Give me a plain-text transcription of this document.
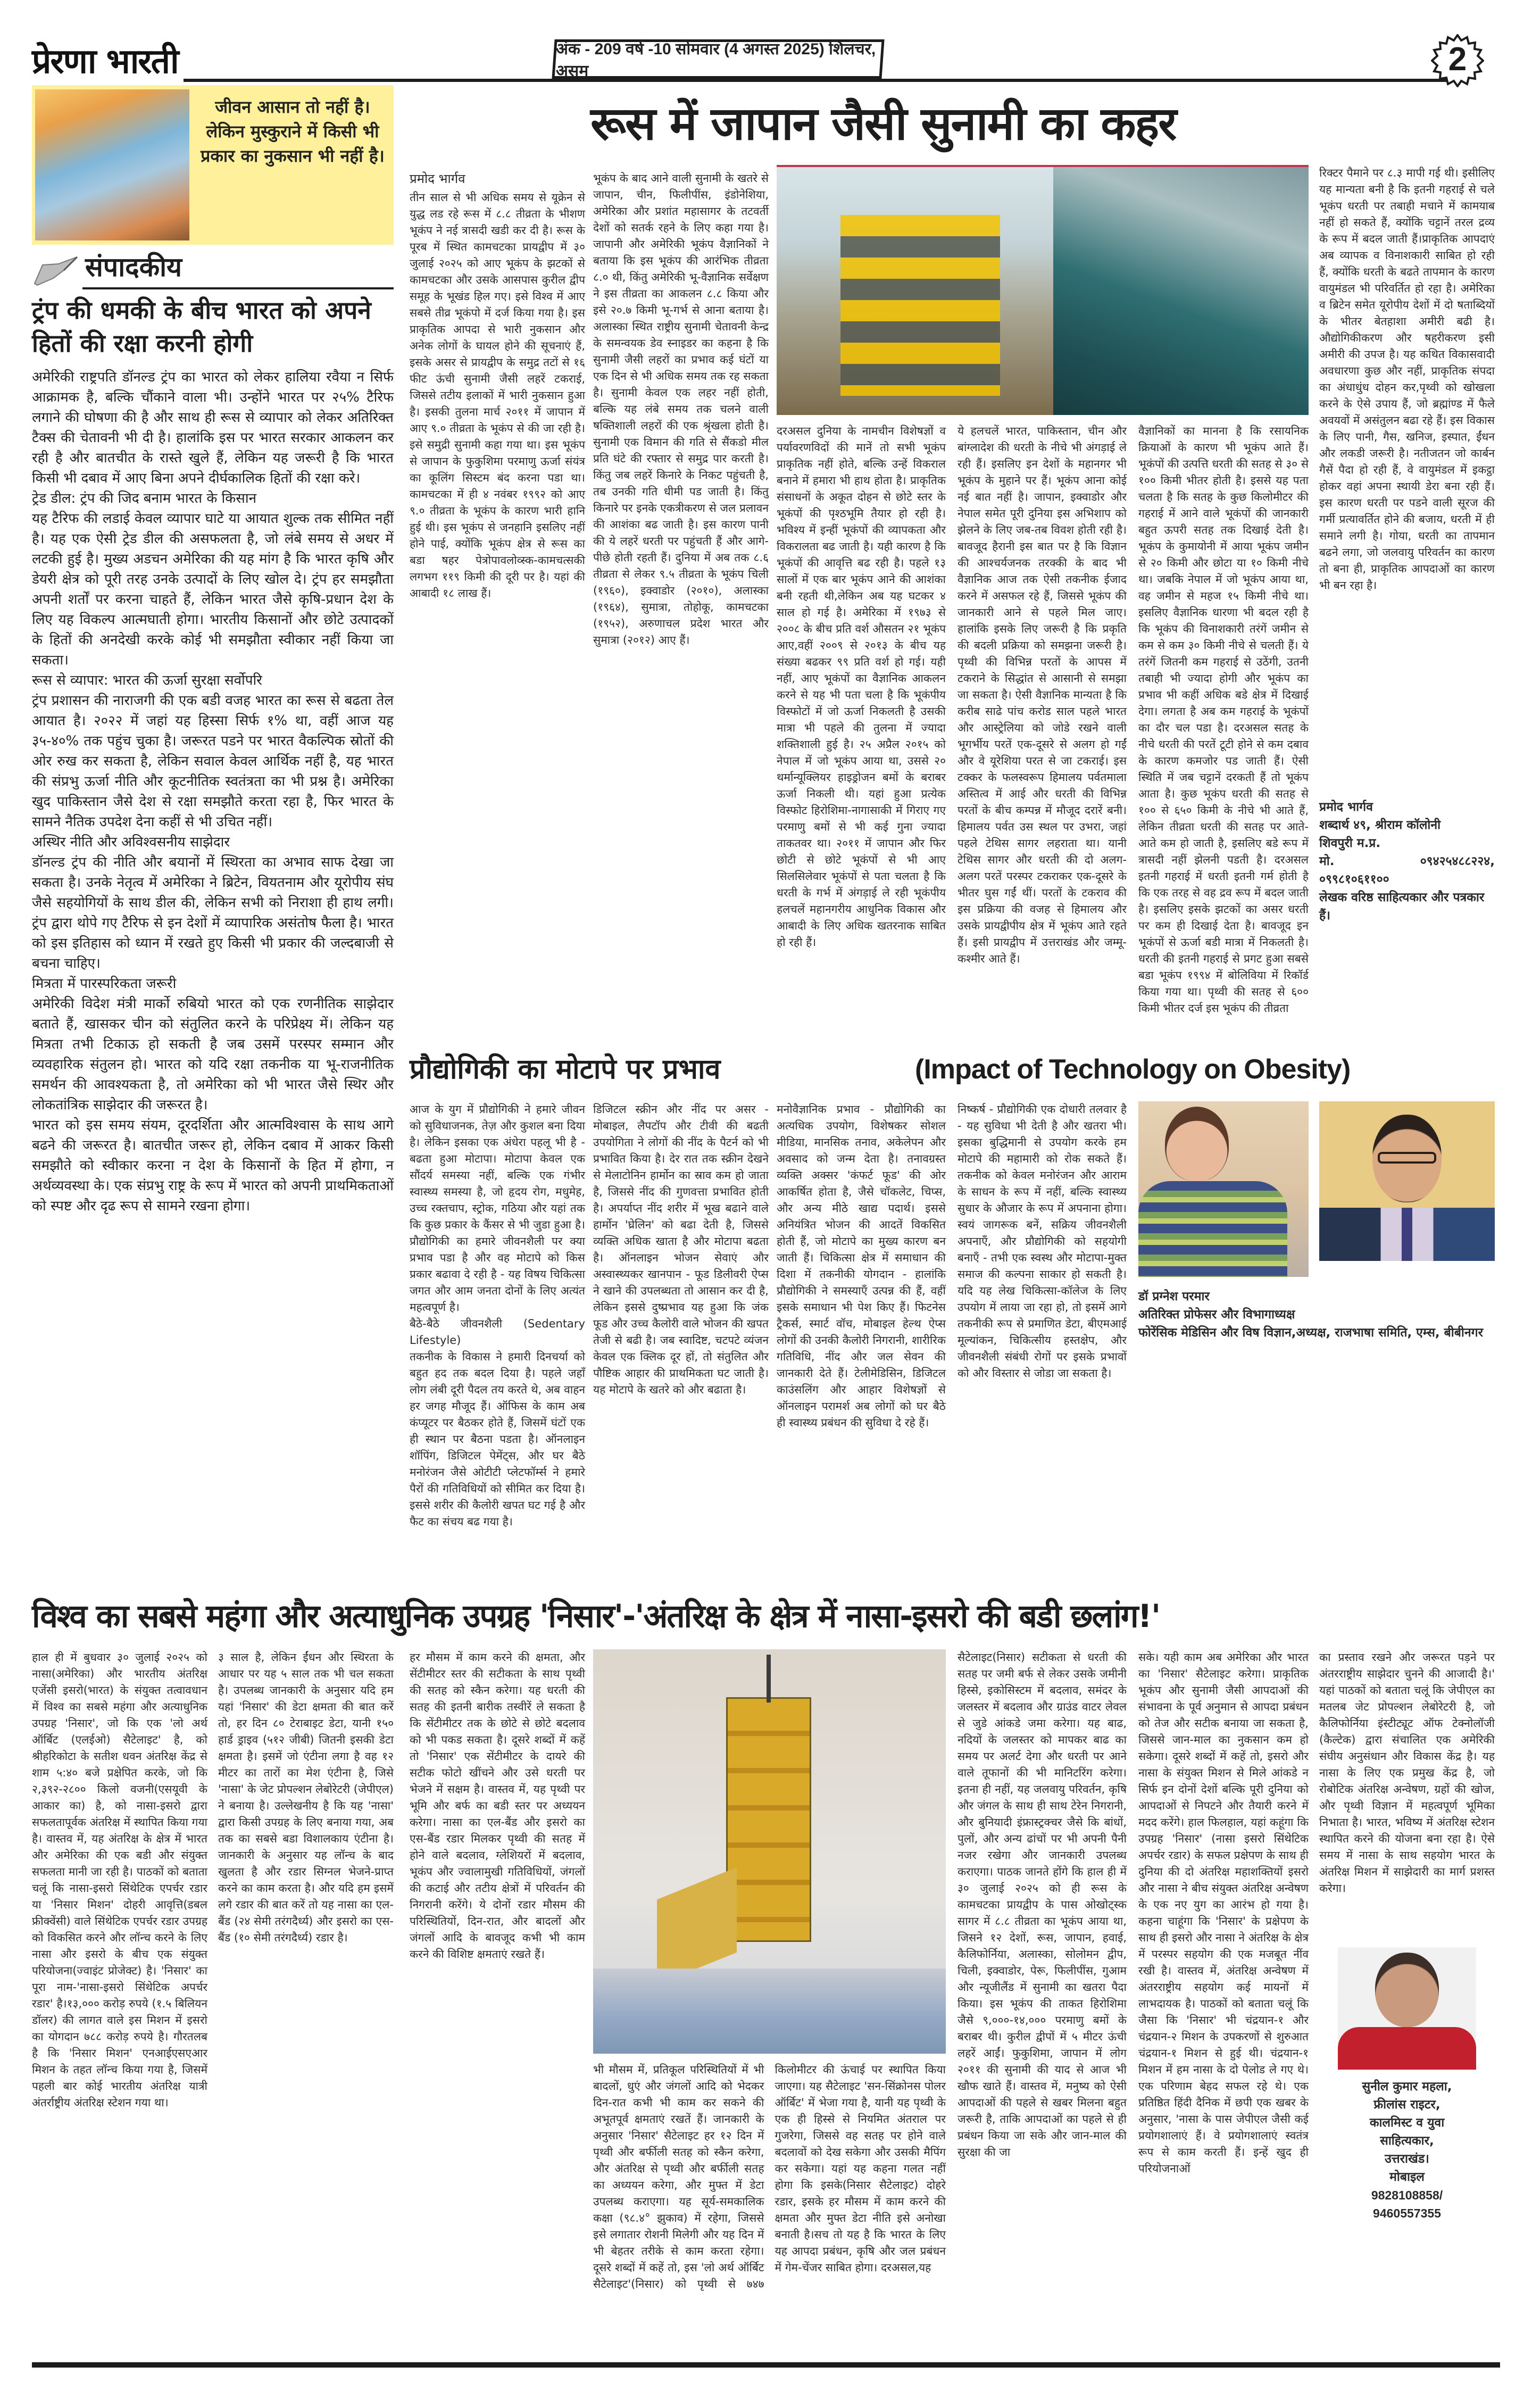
प्रेरणा भारती	अंक - 209 वर्ष -10 सोमवार (4 अगस्त 2025) शिलचर, असम	2
जीवन आसान तो नहीं है। लेकिन मुस्कुराने में किसी भी प्रकार का नुकसान भी नहीं है।
संपादकीय
ट्रंप की धमकी के बीच भारत को अपने हितों की रक्षा करनी होगी

अमेरिकी राष्ट्रपति डॉनल्ड ट्रंप का भारत को लेकर हालिया रवैया न सिर्फ आक्रामक है, बल्कि चौंकाने वाला भी। उन्होंने भारत पर २५% टैरिफ लगाने की घोषणा की है और साथ ही रूस से व्यापार को लेकर अतिरिक्त टैक्स की चेतावनी भी दी है। हालांकि इस पर भारत सरकार आकलन कर रही है और बातचीत के रास्ते खुले हैं, लेकिन यह जरूरी है कि भारत किसी भी दबाव में आए बिना अपने दीर्घकालिक हितों की रक्षा करे।

ट्रेड डील: ट्रंप की जिद बनाम भारत के किसान

यह टैरिफ की लडाई केवल व्यापार घाटे या आयात शुल्क तक सीमित नहीं है। यह एक ऐसी ट्रेड डील की असफलता है, जो लंबे समय से अधर में लटकी हुई है। मुख्य अडचन अमेरिका की यह मांग है कि भारत कृषि और डेयरी क्षेत्र को पूरी तरह उनके उत्पादों के लिए खोल दे। ट्रंप हर समझौता अपनी शर्तों पर करना चाहते हैं, लेकिन भारत जैसे कृषि-प्रधान देश के लिए यह विकल्प आत्मघाती होगा। भारतीय किसानों और छोटे उत्पादकों के हितों की अनदेखी करके कोई भी समझौता स्वीकार नहीं किया जा सकता।

रूस से व्यापार: भारत की ऊर्जा सुरक्षा सर्वोपरि

ट्रंप प्रशासन की नाराजगी की एक बडी वजह भारत का रूस से बढता तेल आयात है। २०२२ में जहां यह हिस्सा सिर्फ १% था, वहीं आज यह ३५-४०% तक पहुंच चुका है। जरूरत पडने पर भारत वैकल्पिक स्रोतों की ओर रुख कर सकता है, लेकिन सवाल केवल आर्थिक नहीं है, यह भारत की संप्रभु ऊर्जा नीति और कूटनीतिक स्वतंत्रता का भी प्रश्न है। अमेरिका खुद पाकिस्तान जैसे देश से रक्षा समझौते करता रहा है, फिर भारत के सामने नैतिक उपदेश देना कहीं से भी उचित नहीं।

अस्थिर नीति और अविश्वसनीय साझेदार

डॉनल्ड ट्रंप की नीति और बयानों में स्थिरता का अभाव साफ देखा जा सकता है। उनके नेतृत्व में अमेरिका ने ब्रिटेन, वियतनाम और यूरोपीय संघ जैसे सहयोगियों के साथ डील की, लेकिन सभी को निराशा ही हाथ लगी। ट्रंप द्वारा थोपे गए टैरिफ से इन देशों में व्यापारिक असंतोष फैला है। भारत को इस इतिहास को ध्यान में रखते हुए किसी भी प्रकार की जल्दबाजी से बचना चाहिए।

मित्रता में पारस्परिकता जरूरी

अमेरिकी विदेश मंत्री मार्को रुबियो भारत को एक रणनीतिक साझेदार बताते हैं, खासकर चीन को संतुलित करने के परिप्रेक्ष्य में। लेकिन यह मित्रता तभी टिकाऊ हो सकती है जब उसमें परस्पर सम्मान और व्यवहारिक संतुलन हो। भारत को यदि रक्षा तकनीक या भू-राजनीतिक समर्थन की आवश्यकता है, तो अमेरिका को भी भारत जैसे स्थिर और लोकतांत्रिक साझेदार की जरूरत है।

भारत को इस समय संयम, दूरदर्शिता और आत्मविश्वास के साथ आगे बढने की जरूरत है। बातचीत जरूर हो, लेकिन दबाव में आकर किसी समझौते को स्वीकार करना न देश के किसानों के हित में होगा, न अर्थव्यवस्था के। एक संप्रभु राष्ट्र के रूप में भारत को अपनी प्राथमिकताओं को स्पष्ट और दृढ रूप से सामने रखना होगा।

रूस में जापान जैसी सुनामी का कहर
प्रमोद भार्गव
तीन साल से भी अधिक समय से यूक्रेन से युद्ध लड रहे रूस में ८.८ तीव्रता के भीशण भूकंप ने नई त्रासदी खडी कर दी है। रूस के पूरब में स्थित कामचटका प्रायद्वीप में ३० जुलाई २०२५ को आए भूकंप के झटकों से कामचटका और उसके आसपास कुरील द्वीप समूह के भूखंड हिल गए। इसे विश्व में आए सबसे तीव्र भूकंपो में दर्ज किया गया है। इस प्राकृतिक आपदा से भारी नुकसान और अनेक लोगों के घायल होने की सूचनाएं हैं, इसके असर से प्रायद्वीप के समुद्र तटों से १६ फीट ऊंची सुनामी जैसी लहरें टकराई, जिससे तटीय इलाकों में भारी नुकसान हुआ है। इसकी तुलना मार्च २०११ में जापान में आए ९.० तीव्रता के भूकंप से की जा रही है। इसे समुद्री सुनामी कहा गया था। इस भूकंप से जापान के फुकुशिमा परमाणु ऊर्जा संयंत्र का कूलिंग सिस्टम बंद करना पडा था। कामचटका में ही ४ नवंबर १९९२ को आए ९.० तीव्रता के भूकंप के कारण भारी हानि हुई थी। इस भूकंप से जनहानि इसलिए नहीं होने पाई, क्योंकि भूकंप क्षेत्र से रूस का बडा षहर पेत्रोपावलोव्स्क-कामचत्सकी लगभग ११९ किमी की दूरी पर है। यहां की आबादी १८ लाख हैं।
भूकंप के बाद आने वाली सुनामी के खतरे से जापान, चीन, फिलीपींस, इंडोनेशिया, अमेरिका और प्रशांत महासागर के तटवर्ती देशों को सतर्क रहने के लिए कहा गया है। जापानी और अमेरिकी भूकंप वैज्ञानिकों ने बताया कि इस भूकंप की आरंभिक तीव्रता ८.० थी, किंतु अमेरिकी भू-वैज्ञानिक सर्वेक्षण ने इस तीव्रता का आकलन ८.८ किया और इसे २०.७ किमी भू-गर्भ से आना बताया है। अलास्का स्थित राष्ट्रीय सुनामी चेतावनी केन्द्र के समन्वयक डेव स्नाइडर का कहना है कि सुनामी जैसी लहरों का प्रभाव कई घंटों या एक दिन से भी अधिक समय तक रह सकता है। सुनामी केवल एक लहर नहीं होती, बल्कि यह लंबे समय तक चलने वाली षक्तिशाली लहरों की एक श्रृंखला होती है। सुनामी एक विमान की गति से सैंकडो मील प्रति घंटे की रफ्तार से समुद्र पार करती है। किंतु जब लहरें किनारे के निकट पहुंचती है, तब उनकी गति धीमी पड जाती है। किंतु किनारे पर इनके एकत्रीकरण से जल प्रलावन की आशंका बढ जाती है। इस कारण पानी की ये लहरें धरती पर पहुंचती हैं और आगे- पीछे होती रहती हैं। दुनिया में अब तक ८.६ तीव्रता से लेकर ९.५ तीव्रता के भूकंप चिली (१९६०), इक्वाडोर (२०१०), अलास्का (१९६४), सुमात्रा, तोहोकू, कामचटका (१९५२), अरुणाचल प्रदेश भारत और सुमात्रा (२०१२) आए हैं।
दरअसल दुनिया के नामचीन विशेषज्ञों व पर्यावरणविदों की मानें तो सभी भूकंप प्राकृतिक नहीं होते, बल्कि उन्हें विकराल बनाने में हमारा भी हाथ होता है। प्राकृतिक संसाधनों के अकूत दोहन से छोटे स्तर के भूकंपों की पृश्ठभूमि तैयार हो रही है। भविश्य में इन्हीं भूकंपों की व्यापकता और विकरालता बढ जाती है। यही कारण है कि भूकंपों की आवृत्ति बढ रही है। पहले १३ सालों में एक बार भूकंप आने की आशंका बनी रहती थी,लेकिन अब यह घटकर ४ साल हो गई है। अमेरिका में १९७३ से २००८ के बीच प्रति वर्श औसतन २१ भूकंप आए,वहीं २००९ से २०१३ के बीच यह संख्या बढकर ९९ प्रति वर्श हो गई। यही नहीं, आए भूकंपों का वैज्ञानिक आकलन करने से यह भी पता चला है कि भूकंपीय विस्फोटों में जो ऊर्जा निकलती है उसकी मात्रा भी पहले की तुलना में ज्यादा शक्तिशाली हुई है। २५ अप्रैल २०१५ को नेपाल में जो भूकंप आया था, उससे २० थर्मान्यूक्लियर हाइड्रोजन बमों के बराबर ऊर्जा निकली थी। यहां हुआ प्रत्येक विस्फोट हिरोशिमा-नागासाकी में गिराए गए परमाणु बमों से भी कई गुना ज्यादा ताकतवर था। २०११ में जापान और फिर छोटी से छोटे भूकंपों से भी आए सिलसिलेवार भूकंपों से पता चलता है कि धरती के गर्भ में अंगड़ाई ले रही भूकंपीय हलचलें महानगरीय आधुनिक विकास और आबादी के लिए अधिक खतरनाक साबित हो रही हैं।
ये हलचलें भारत, पाकिस्तान, चीन और बांग्लादेश की धरती के नीचे भी अंगड़ाई ले रही हैं। इसलिए इन देशों के महानगर भी भूकंप के मुहाने पर हैं। भूकंप आना कोई नई बात नहीं है। जापान, इक्वाडोर और नेपाल समेत पूरी दुनिया इस अभिशाप को झेलने के लिए जब-तब विवश होती रही है। बावजूद हैरानी इस बात पर है कि विज्ञान की आश्चर्यजनक तरक्की के बाद भी वैज्ञानिक आज तक ऐसी तकनीक ईजाद करने में असफल रहे हैं, जिससे भूकंप की जानकारी आने से पहले मिल जाए। हालांकि इसके लिए जरूरी है कि प्रकृति की बदली प्रक्रिया को समझना जरूरी है। पृथ्वी की विभिन्न परतों के आपस में टकराने के सिद्धांत से आसानी से समझा जा सकता है। ऐसी वैज्ञानिक मान्यता है कि करीब साढे पांच करोड साल पहले भारत और आस्ट्रेलिया को जोडे रखने वाली भूगर्भीय परतें एक-दूसरे से अलग हो गईं और वे यूरेशिया परत से जा टकराई। इस टक्कर के फलस्वरूप हिमालय पर्वतमाला अस्तित्व में आई और धरती की विभिन्न परतों के बीच कम्पन्न में मौजूद दरारें बनी। हिमालय पर्वत उस स्थल पर उभरा, जहां पहले टेथिस सागर लहराता था। यानी टेथिस सागर और धरती की दो अलग-अलग परतें परस्पर टकराकर एक-दूसरे के भीतर घुस गईं थीं। परतों के टकराव की इस प्रक्रिया की वजह से हिमालय और उसके प्रायद्वीपीय क्षेत्र में भूकंप आते रहते हैं। इसी प्रायद्वीप में उत्तराखंड और जम्मू-कश्मीर आते हैं।
वैज्ञानिकों का मानना है कि रसायनिक क्रियाओं के कारण भी भूकंप आते हैं। भूकंपों की उत्पत्ति धरती की सतह से ३० से १०० किमी भीतर होती है। इससे यह पता चलता है कि सतह के कुछ किलोमीटर की गहराई में आने वाले भूकंपों की जानकारी बहुत ऊपरी सतह तक दिखाई देती है। भूकंप के कुमायोनी में आया भूकंप जमीन से २० किमी और छोटा या १० किमी नीचे था। जबकि नेपाल में जो भूकंप आया था, वह जमीन से महज १५ किमी नीचे था। इसलिए वैज्ञानिक धारणा भी बदल रही है कि भूकंप की विनाशकारी तरंगें जमीन से कम से कम ३० किमी नीचे से चलती हैं। ये तरंगें जितनी कम गहराई से उठेंगी, उतनी तबाही भी ज्यादा होगी और भूकंप का प्रभाव भी कहीं अधिक बडे क्षेत्र में दिखाई देगा। लगता है अब कम गहराई के भूकंपों का दौर चल पडा है। दरअसल सतह के नीचे धरती की परतें टूटी होने से कम दबाव के कारण कमजोर पड जाती हैं। ऐसी स्थिति में जब चट्टानें दरकती हैं तो भूकंप आता है। कुछ भूकंप धरती की सतह से १०० से ६५० किमी के नीचे भी आते हैं, लेकिन तीव्रता धरती की सतह पर आते-आते कम हो जाती है, इसलिए बडे रूप में त्रासदी नहीं झेलनी पडती है। दरअसल इतनी गहराई में धरती इतनी गर्म होती है कि एक तरह से वह द्रव रूप में बदल जाती है। इसलिए इसके झटकों का असर धरती पर कम ही दिखाई देता है। बावजूद इन भूकंपों से ऊर्जा बडी मात्रा में निकलती है। धरती की इतनी गहराई से प्रगट हुआ सबसे बडा भूकंप १९९४ में बोलिविया में रिकॉर्ड किया गया था। पृथ्वी की सतह से ६०० किमी भीतर दर्ज इस भूकंप की तीव्रता
रिक्टर पैमाने पर ८.३ मापी गई थी। इसीलिए यह मान्यता बनी है कि इतनी गहराई से चले भूकंप धरती पर तबाही मचाने में कामयाब नहीं हो सकते हैं, क्योंकि चट्टानें तरल द्रव्य के रूप में बदल जाती हैं।प्राकृतिक आपदाएं अब व्यापक व विनाशकारी साबित हो रही हैं, क्योंकि धरती के बढते तापमान के कारण वायुमंडल भी परिवर्तित हो रहा है। अमेरिका व ब्रिटेन समेत यूरोपीय देशों में दो षताब्दियों के भीतर बेतहाशा अमीरी बढी है। औद्योगिकीकरण और षहरीकरण इसी अमीरी की उपज है। यह कथित विकासवादी अवधारणा कुछ और नहीं, प्राकृतिक संपदा का अंधाधुंध दोहन कर,पृथ्वी को खोखला करने के ऐसे उपाय हैं, जो ब्रह्मांण्ड में फैले अवयवों में असंतुलन बढा रहे हैं। इस विकास के लिए पानी, गैस, खनिज, इस्पात, ईंधन और लकडी जरूरी है। नतीजतन जो कार्बन गैसें पैदा हो रही हैं, वे वायुमंडल में इकट्ठा होकर वहां अपना स्थायी डेरा बना रही हैं। इस कारण धरती पर पडने वाली सूरज की गर्मी प्रत्यावर्तित होने की बजाय, धरती में ही समाने लगी है। गोया, धरती का तापमान बढने लगा, जो जलवायु परिवर्तन का कारण तो बना ही, प्राकृतिक आपदाओं का कारण भी बन रहा है।
प्रमोद भार्गव
शब्दार्थ ४९, श्रीराम कॉलोनी
शिवपुरी म.प्र.
मो.	०९४२५४८८२२४,
०९९८१०६११००
लेखक वरिष्ठ साहित्यकार और पत्रकार हैं।
प्रौद्योगिकी का मोटापे पर प्रभाव	(Impact of Technology on Obesity)

आज के युग में प्रौद्योगिकी ने हमारे जीवन को सुविधाजनक, तेज़ और कुशल बना दिया है। लेकिन इसका एक अंधेरा पहलू भी है - बढता हुआ मोटापा। मोटापा केवल एक सौंदर्य समस्या नहीं, बल्कि एक गंभीर स्वास्थ्य समस्या है, जो हृदय रोग, मधुमेह, उच्च रक्तचाप, स्ट्रोक, गठिया और यहां तक कि कुछ प्रकार के कैंसर से भी जुडा हुआ है। प्रौद्योगिकी का हमारे जीवनशैली पर क्या प्रभाव पडा है और वह मोटापे को किस प्रकार बढावा दे रही है - यह विषय चिकित्सा जगत और आम जनता दोनों के लिए अत्यंत महत्वपूर्ण है।

बैठे-बैठे जीवनशैली (Sedentary Lifestyle)

तकनीक के विकास ने हमारी दिनचर्या को बहुत हद तक बदल दिया है। पहले जहाँ लोग लंबी दूरी पैदल तय करते थे, अब वाहन हर जगह मौजूद हैं। ऑफिस के काम अब कंप्यूटर पर बैठकर होते हैं, जिसमें घंटों एक ही स्थान पर बैठना पडता है। ऑनलाइन शॉपिंग, डिजिटल पेमेंट्स, और घर बैठे मनोरंजन जैसे ओटीटी प्लेटफॉर्म्स ने हमारे पैरों की गतिविधियों को सीमित कर दिया है। इससे शरीर की कैलोरी खपत घट गई है और फैट का संचय बढ गया है।

डिजिटल स्क्रीन और नींद पर असर - मोबाइल, लैपटॉप और टीवी की बढती उपयोगिता ने लोगों की नींद के पैटर्न को भी प्रभावित किया है। देर रात तक स्क्रीन देखने से मेलाटोनिन हार्मोन का स्राव कम हो जाता है, जिससे नींद की गुणवत्ता प्रभावित होती है। अपर्याप्त नींद शरीर में भूख बढाने वाले हार्मोन 'घ्रेलिन' को बढा देती है, जिससे व्यक्ति अधिक खाता है और मोटापा बढता है। ऑनलाइन भोजन सेवाएं और अस्वास्थ्यकर खानपान - फूड डिलीवरी ऐप्स ने खाने की उपलब्धता तो आसान कर दी है, लेकिन इससे दुष्प्रभाव यह हुआ कि जंक फूड और उच्च कैलोरी वाले भोजन की खपत तेजी से बढी है। जब स्वादिष्ट, चटपटे व्यंजन केवल एक क्लिक दूर हों, तो संतुलित और पौष्टिक आहार की प्राथमिकता घट जाती है। यह मोटापे के खतरे को और बढाता है।
मनोवैज्ञानिक प्रभाव - प्रौद्योगिकी का अत्यधिक उपयोग, विशेषकर सोशल मीडिया, मानसिक तनाव, अकेलेपन और अवसाद को जन्म देता है। तनावग्रस्त व्यक्ति अक्सर 'कंफर्ट फूड' की ओर आकर्षित होता है, जैसे चॉकलेट, चिप्स, और अन्य मीठे खाद्य पदार्थ। इससे अनियंत्रित भोजन की आदतें विकसित होती हैं, जो मोटापे का मुख्य कारण बन जाती हैं। चिकित्सा क्षेत्र में समाधान की दिशा में तकनीकी योगदान - हालांकि प्रौद्योगिकी ने समस्याएँ उत्पन्न की हैं, वहीं इसके समाधान भी पेश किए हैं। फिटनेस ट्रैकर्स, स्मार्ट वॉच, मोबाइल हेल्थ ऐप्स लोगों की उनकी कैलोरी निगरानी, शारीरिक गतिविधि, नींद और जल सेवन की जानकारी देते हैं। टेलीमेडिसिन, डिजिटल काउंसलिंग और आहार विशेषज्ञों से ऑनलाइन परामर्श अब लोगों को घर बैठे ही स्वास्थ्य प्रबंधन की सुविधा दे रहे हैं।
निष्कर्ष - प्रौद्योगिकी एक दोधारी तलवार है - यह सुविधा भी देती है और खतरा भी। इसका बुद्धिमानी से उपयोग करके हम मोटापे की महामारी को रोक सकते हैं। तकनीक को केवल मनोरंजन और आराम के साधन के रूप में नहीं, बल्कि स्वास्थ्य सुधार के औजार के रूप में अपनाना होगा। स्वयं जागरूक बनें, सक्रिय जीवनशैली अपनाएँ, और प्रौद्योगिकी को सहयोगी बनाएँ - तभी एक स्वस्थ और मोटापा-मुक्त समाज की कल्पना साकार हो सकती है।यदि यह लेख चिकित्सा-कॉलेज के लिए उपयोग में लाया जा रहा हो, तो इसमें आगे तकनीकी रूप से प्रमाणित डेटा, बीएमआई मूल्यांकन, चिकित्सीय हस्तक्षेप, और जीवनशैली संबंधी रोगों पर इसके प्रभावों को और विस्तार से जोडा जा सकता है।
डॉ प्रग्नेश परमार
अतिरिक्त प्रोफेसर और विभागाध्यक्ष
फोरेंसिक मेडिसिन और विष विज्ञान,अध्यक्ष, राजभाषा समिति, एम्स, बीबीनगर
विश्व का सबसे महंगा और अत्याधुनिक उपग्रह 'निसार'-'अंतरिक्ष के क्षेत्र में नासा-इसरो की बडी छलांग!'
हाल ही में बुधवार ३० जुलाई २०२५ को नासा(अमेरिका) और भारतीय अंतरिक्ष एजेंसी इसरो(भारत) के संयुक्त तत्वावधान में विश्व का सबसे महंगा और अत्याधुनिक उपग्रह 'निसार', जो कि एक 'लो अर्थ ऑर्बिट (एलईओ) सैटेलाइट' है, को श्रीहरिकोटा के सतीश धवन अंतरिक्ष केंद्र से शाम ५:४० बजे प्रक्षेपित करके, जो कि २,३९२-२८०० किलो वजनी(एसयूवी के आकार का) है, को नासा-इसरो द्वारा सफलतापूर्वक अंतरिक्ष में स्थापित किया गया है। वास्तव में, यह अंतरिक्ष के क्षेत्र में भारत और अमेरिका की एक बडी और संयुक्त सफलता मानी जा रही है। पाठकों को बताता चलूं कि नासा-इसरो सिंथेटिक एपर्चर रडार या 'निसार मिशन' दोहरी आवृत्ति(डबल फ्रीक्वेंसी) वाले सिंथेटिक एपर्चर रडार उपग्रह को विकसित करने और लॉन्च करने के लिए नासा और इसरो के बीच एक संयुक्त परियोजना(ज्वाइंट प्रोजेक्ट) है। 'निसार' का पूरा नाम-'नासा-इसरो सिंथेटिक अपर्चर रडार' है।१३,००० करोड़ रुपये (१.५ बिलियन डॉलर) की लागत वाले इस मिशन में इसरो का योगदान ७८८ करोड़ रुपये है। गौरतलब है कि 'निसार मिशन' एनआईएसएआर मिशन के तहत लॉन्च किया गया है, जिसमें पहली बार कोई भारतीय अंतरिक्ष यात्री अंतर्राष्ट्रीय अंतरिक्ष स्टेशन गया था।
३ साल है, लेकिन ईंधन और स्थिरता के आधार पर यह ५ साल तक भी चल सकता है। उपलब्ध जानकारी के अनुसार यदि हम यहां 'निसार' की डेटा क्षमता की बात करें तो, हर दिन ८० टेराबाइट डेटा, यानी १५० हार्ड ड्राइव (५१२ जीबी) जितनी इसकी डेटा क्षमता है। इसमें जो एंटीना लगा है वह १२ मीटर का तारों का मेश एंटीना है, जिसे 'नासा' के जेट प्रोपल्शन लेबोरेटरी (जेपीएल) ने बनाया है। उल्लेखनीय है कि यह 'नासा' द्वारा किसी उपग्रह के लिए बनाया गया, अब तक का सबसे बडा विशालकाय एंटीना है। जानकारी के अनुसार यह लॉन्च के बाद खुलता है और रडार सिग्नल भेजने-प्राप्त करने का काम करता है। और यदि हम इसमें लगे रडार की बात करें तो यह नासा का एल-बैंड (२४ सेमी तरंगदैर्ध्य) और इसरो का एस-बैंड (१० सेमी तरंगदैर्ध्य) रडार है।
हर मौसम में काम करने की क्षमता, और सेंटीमीटर स्तर की सटीकता के साथ पृथ्वी की सतह को स्कैन करेगा। यह धरती की सतह की इतनी बारीक तस्वीरें ले सकता है कि सेंटीमीटर तक के छोटे से छोटे बदलाव को भी पकड सकता है। दूसरे शब्दों में कहें तो 'निसार' एक सेंटीमीटर के दायरे की सटीक फोटो खींचने और उसे धरती पर भेजने में सक्षम है। वास्तव में, यह पृथ्वी पर भूमि और बर्फ का बडी स्तर पर अध्ययन करेगा। नासा का एल-बैंड और इसरो का एस-बैंड रडार मिलकर पृथ्वी की सतह में होने वाले बदलाव, ग्लेशियरों में बदलाव, भूकंप और ज्वालामुखी गतिविधियों, जंगलों की कटाई और तटीय क्षेत्रों में परिवर्तन की निगरानी करेंगे। ये दोनों रडार मौसम की परिस्थितियों, दिन-रात, और बादलों और जंगलों आदि के बावजूद कभी भी काम करने की विशिष्ट क्षमताएं रखते हैं।
भी मौसम में, प्रतिकूल परिस्थितियों में भी बादलों, धुएं और जंगलों आदि को भेदकर दिन-रात कभी भी काम कर सकने की अभूतपूर्व क्षमताएं रखतें हैं। जानकारी के अनुसार 'निसार' सैटेलाइट हर १२ दिन में पृथ्वी और बर्फीली सतह को स्कैन करेगा, और अंतरिक्ष से पृथ्वी और बर्फीली सतह का अध्ययन करेगा, और मुफ्त में डेटा उपलब्ध कराएगा। यह सूर्य-समकालिक कक्षा (९८.४° झुकाव) में रहेगा, जिससे इसे लगातार रोशनी मिलेगी और यह दिन में भी बेहतर तरीके से काम करता रहेगा। दूसरे शब्दों में कहें तो, इस 'लो अर्थ ऑर्बिट सैटेलाइट'(निसार) को पृथ्वी से ७४७ किलोमीटर की ऊंचाई पर स्थापित किया जाएगा। यह सैटेलाइट 'सन-सिंक्रोनस पोलर ऑर्बिट' में भेजा गया है, यानी यह पृथ्वी के एक ही हिस्से से नियमित अंतराल पर गुजरेगा, जिससे वह सतह पर होने वाले बदलावों को देख सकेगा और उसकी मैपिंग कर सकेगा। यहां यह कहना गलत नहीं होगा कि इसके(निसार सैटेलाइट) दोहरे रडार, इसके हर मौसम में काम करने की क्षमता और मुफ्त डेटा नीति इसे अनोखा बनाती है।सच तो यह है कि भारत के लिए यह आपदा प्रबंधन, कृषि और जल प्रबंधन में गेम-चेंजर साबित होगा। दरअसल,यह
सैटेलाइट(निसार) सटीकता से धरती की सतह पर जमी बर्फ से लेकर उसके जमीनी हिस्से, इकोसिस्टम में बदलाव, समंदर के जलस्तर में बदलाव और ग्राउंड वाटर लेवल से जुडे आंकडे जमा करेगा। यह बाढ, नदियों के जलस्तर को मापकर बाढ का समय पर अलर्ट देगा और धरती पर आने वाले तूफानों की भी मानिटरिंग करेगा। इतना ही नहीं, यह जलवायु परिवर्तन, कृषि और जंगल के साथ ही साथ टेरेन निगरानी, और बुनियादी इंफ्रास्ट्रक्चर जैसे कि बांधों, पुलों, और अन्य ढांचों पर भी अपनी पैनी नजर रखेगा और जानकारी उपलब्ध कराएगा। पाठक जानते होंगे कि हाल ही में ३० जुलाई २०२५ को ही रूस के कामचटका प्रायद्वीप के पास ओखोट्स्क सागर में ८.८ तीव्रता का भूकंप आया था, जिसने १२ देशों, रूस, जापान, हवाई, कैलिफोर्निया, अलास्का, सोलोमन द्वीप, चिली, इक्वाडोर, पेरू, फिलीपींस, गुआम और न्यूजीलैंड में सुनामी का खतरा पैदा किया। इस भूकंप की ताकत हिरोशिमा जैसे ९,०००-१४,००० परमाणु बमों के बराबर थी। कुरील द्वीपों में ५ मीटर ऊंची लहरें आईं। फुकुशिमा, जापान में लोग २०११ की सुनामी की याद से आज भी खौफ खाते हैं। वास्तव में, मनुष्य को ऐसी आपदाओं की पहले से खबर मिलना बहुत जरूरी है, ताकि आपदाओं का पहले से ही प्रबंधन किया जा सके और जान-माल की सुरक्षा की जा
सके। यही काम अब अमेरिका और भारत का 'निसार' सैटेलाइट करेगा। प्राकृतिक भूकंप और सुनामी जैसी आपदाओं की संभावना के पूर्व अनुमान से आपदा प्रबंधन को तेज और सटीक बनाया जा सकता है, जिससे जान-माल का नुकसान कम हो सकेगा। दूसरे शब्दों में कहें तो, इसरो और नासा के संयुक्त मिशन से मिले आंकडे न सिर्फ इन दोनों देशों बल्कि पूरी दुनिया को आपदाओं से निपटने और तैयारी करने में मदद करेंगे। हाल फिलहाल, यहां कहूंगा कि उपग्रह 'निसार' (नासा इसरो सिंथेटिक अपर्चर रडार) के सफल प्रक्षेपण के साथ ही दुनिया की दो अंतरिक्ष महाशक्तियों इसरो और नासा ने बीच संयुक्त अंतरिक्ष अन्वेषण के एक नए युग का आरंभ हो गया है। कहना चाहूंगा कि 'निसार' के प्रक्षेपण के साथ ही इसरो और नासा ने अंतरिक्ष के क्षेत्र में परस्पर सहयोग की एक मजबूत नींव रखी है। वास्तव में, अंतरिक्ष अन्वेषण में अंतरराष्ट्रीय सहयोग कई मायनों में लाभदायक है। पाठकों को बताता चलूं कि जैसा कि 'निसार' भी चंद्रयान-१ और चंद्रयान-२ मिशन के उपकरणों से शुरुआत चंद्रयान-१ मिशन से हुई थी। चंद्रयान-१ मिशन में हम नासा के दो पेलोड ले गए थे। एक परिणाम बेहद सफल रहे थे। एक प्रतिष्ठित हिंदी दैनिक में छपी एक खबर के अनुसार, 'नासा के पास जेपीएल जैसी कई प्रयोगशालाएं हैं। वे प्रयोगशालाएं स्वतंत्र रूप से काम करती हैं। इन्हें खुद ही परियोजनाओं
का प्रस्ताव रखने और जरूरत पड़ने पर अंतरराष्ट्रीय साझेदार चुनने की आजादी है।' यहां पाठकों को बताता चलूं कि जेपीएल का मतलब जेट प्रोपल्शन लेबोरेटरी है, जो कैलिफोर्निया इंस्टीट्यूट ऑफ टेक्नोलॉजी (कैल्टेक) द्वारा संचालित एक अमेरिकी संघीय अनुसंधान और विकास केंद्र है। यह नासा के लिए एक प्रमुख केंद्र है, जो रोबोटिक अंतरिक्ष अन्वेषण, ग्रहों की खोज, और पृथ्वी विज्ञान में महत्वपूर्ण भूमिका निभाता है। भारत, भविष्य में अंतरिक्ष स्टेशन स्थापित करने की योजना बना रहा है। ऐसे समय में नासा के साथ सहयोग भारत के अंतरिक्ष मिशन में साझेदारी का मार्ग प्रशस्त करेगा।
सुनील कुमार महला,
फ्रीलांस राइटर,
कालमिस्ट व युवा
साहित्यकार,
उत्तराखंड।
मोबाइल
9828108858/
9460557355
